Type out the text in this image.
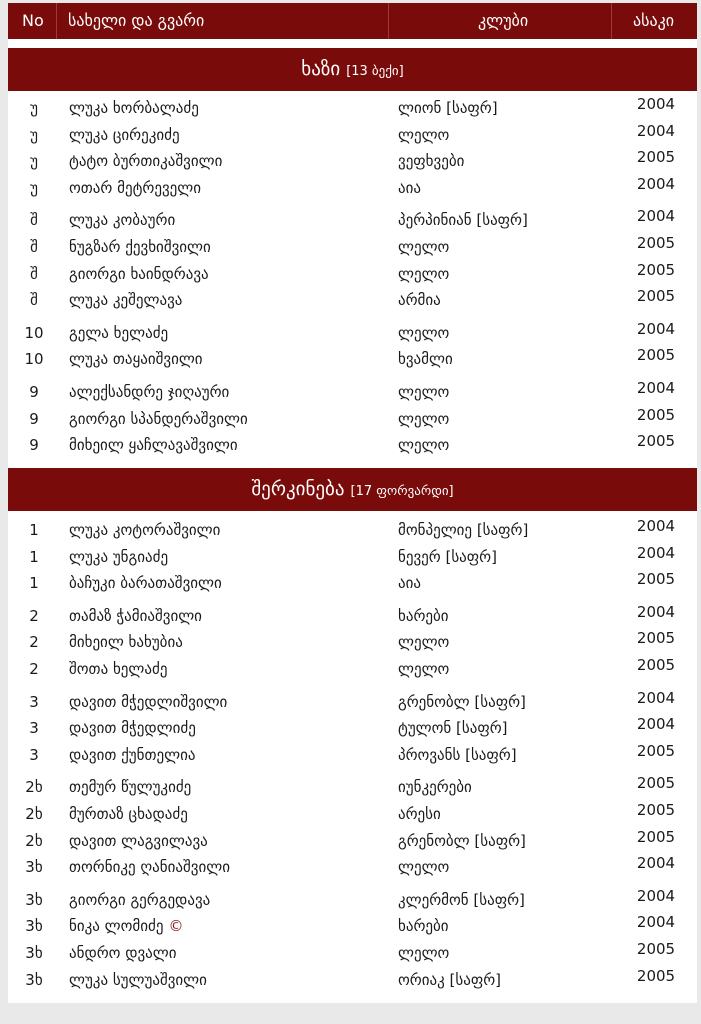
No სახელი და გვარი	კლუბი	ასაკი
ხაზი [13 ბექი]
უ	ლუკა ხორბალაძე	ლიონ [საფრ]	2004
უ	ლუკა ცირეკიძე	ლელო	2004
უ	ტატო ბურთიკაშვილი	ვეფხვები	2005
უ	ოთარ მეტრეველი	აია	2004
შ	ლუკა კობაური	პერპინიან [საფრ]	2004
შ	ნუგზარ ქევხიშვილი	ლელო	2005
შ	გიორგი ხაინდრავა	ლელო	2005
შ	ლუკა კეშელავა	არმია	2005
10	გელა ხელაძე	ლელო	2004
10	ლუკა თაყაიშვილი	ხვამლი	2005
9	ალექსანდრე ჯიღაური	ლელო	2004
9	გიორგი სპანდერაშვილი	ლელო	2005
9	მიხეილ ყაჩლავაშვილი	ლელო	2005
შერკინება [17 ფორვარდი]
1	ლუკა კოტორაშვილი	მონპელიე [საფრ]	2004
1	ლუკა უნგიაძე	ნევერ [საფრ]	2004
1	ბაჩუკი ბარათაშვილი	აია	2005
2	თამაზ ჭამიაშვილი	ხარები	2004
2	მიხეილ ხახუბია	ლელო	2005
2	შოთა ხელაძე	ლელო	2005
3	დავით მჭედლიშვილი	გრენობლ [საფრ]	2004
3	დავით მჭედლიძე	ტულონ [საფრ]	2004
3	დავით ქუნთელია	პროვანს [საფრ]	2005
2ხ	თემურ წულუკიძე	იუნკერები	2005
2ხ	მურთაზ ცხადაძე	არესი	2005
2ხ	დავით ლაგვილავა	გრენობლ [საფრ]	2005
3ხ	თორნიკე ღანიაშვილი	ლელო	2004
3ხ	გიორგი გერგედავა	კლერმონ [საფრ]	2004
3ხ	ნიკა ლომიძე ©	ხარები	2004
3ხ	ანდრო დვალი	ლელო	2005
3ხ	ლუკა სულუაშვილი	ორიაკ [საფრ]	2005
